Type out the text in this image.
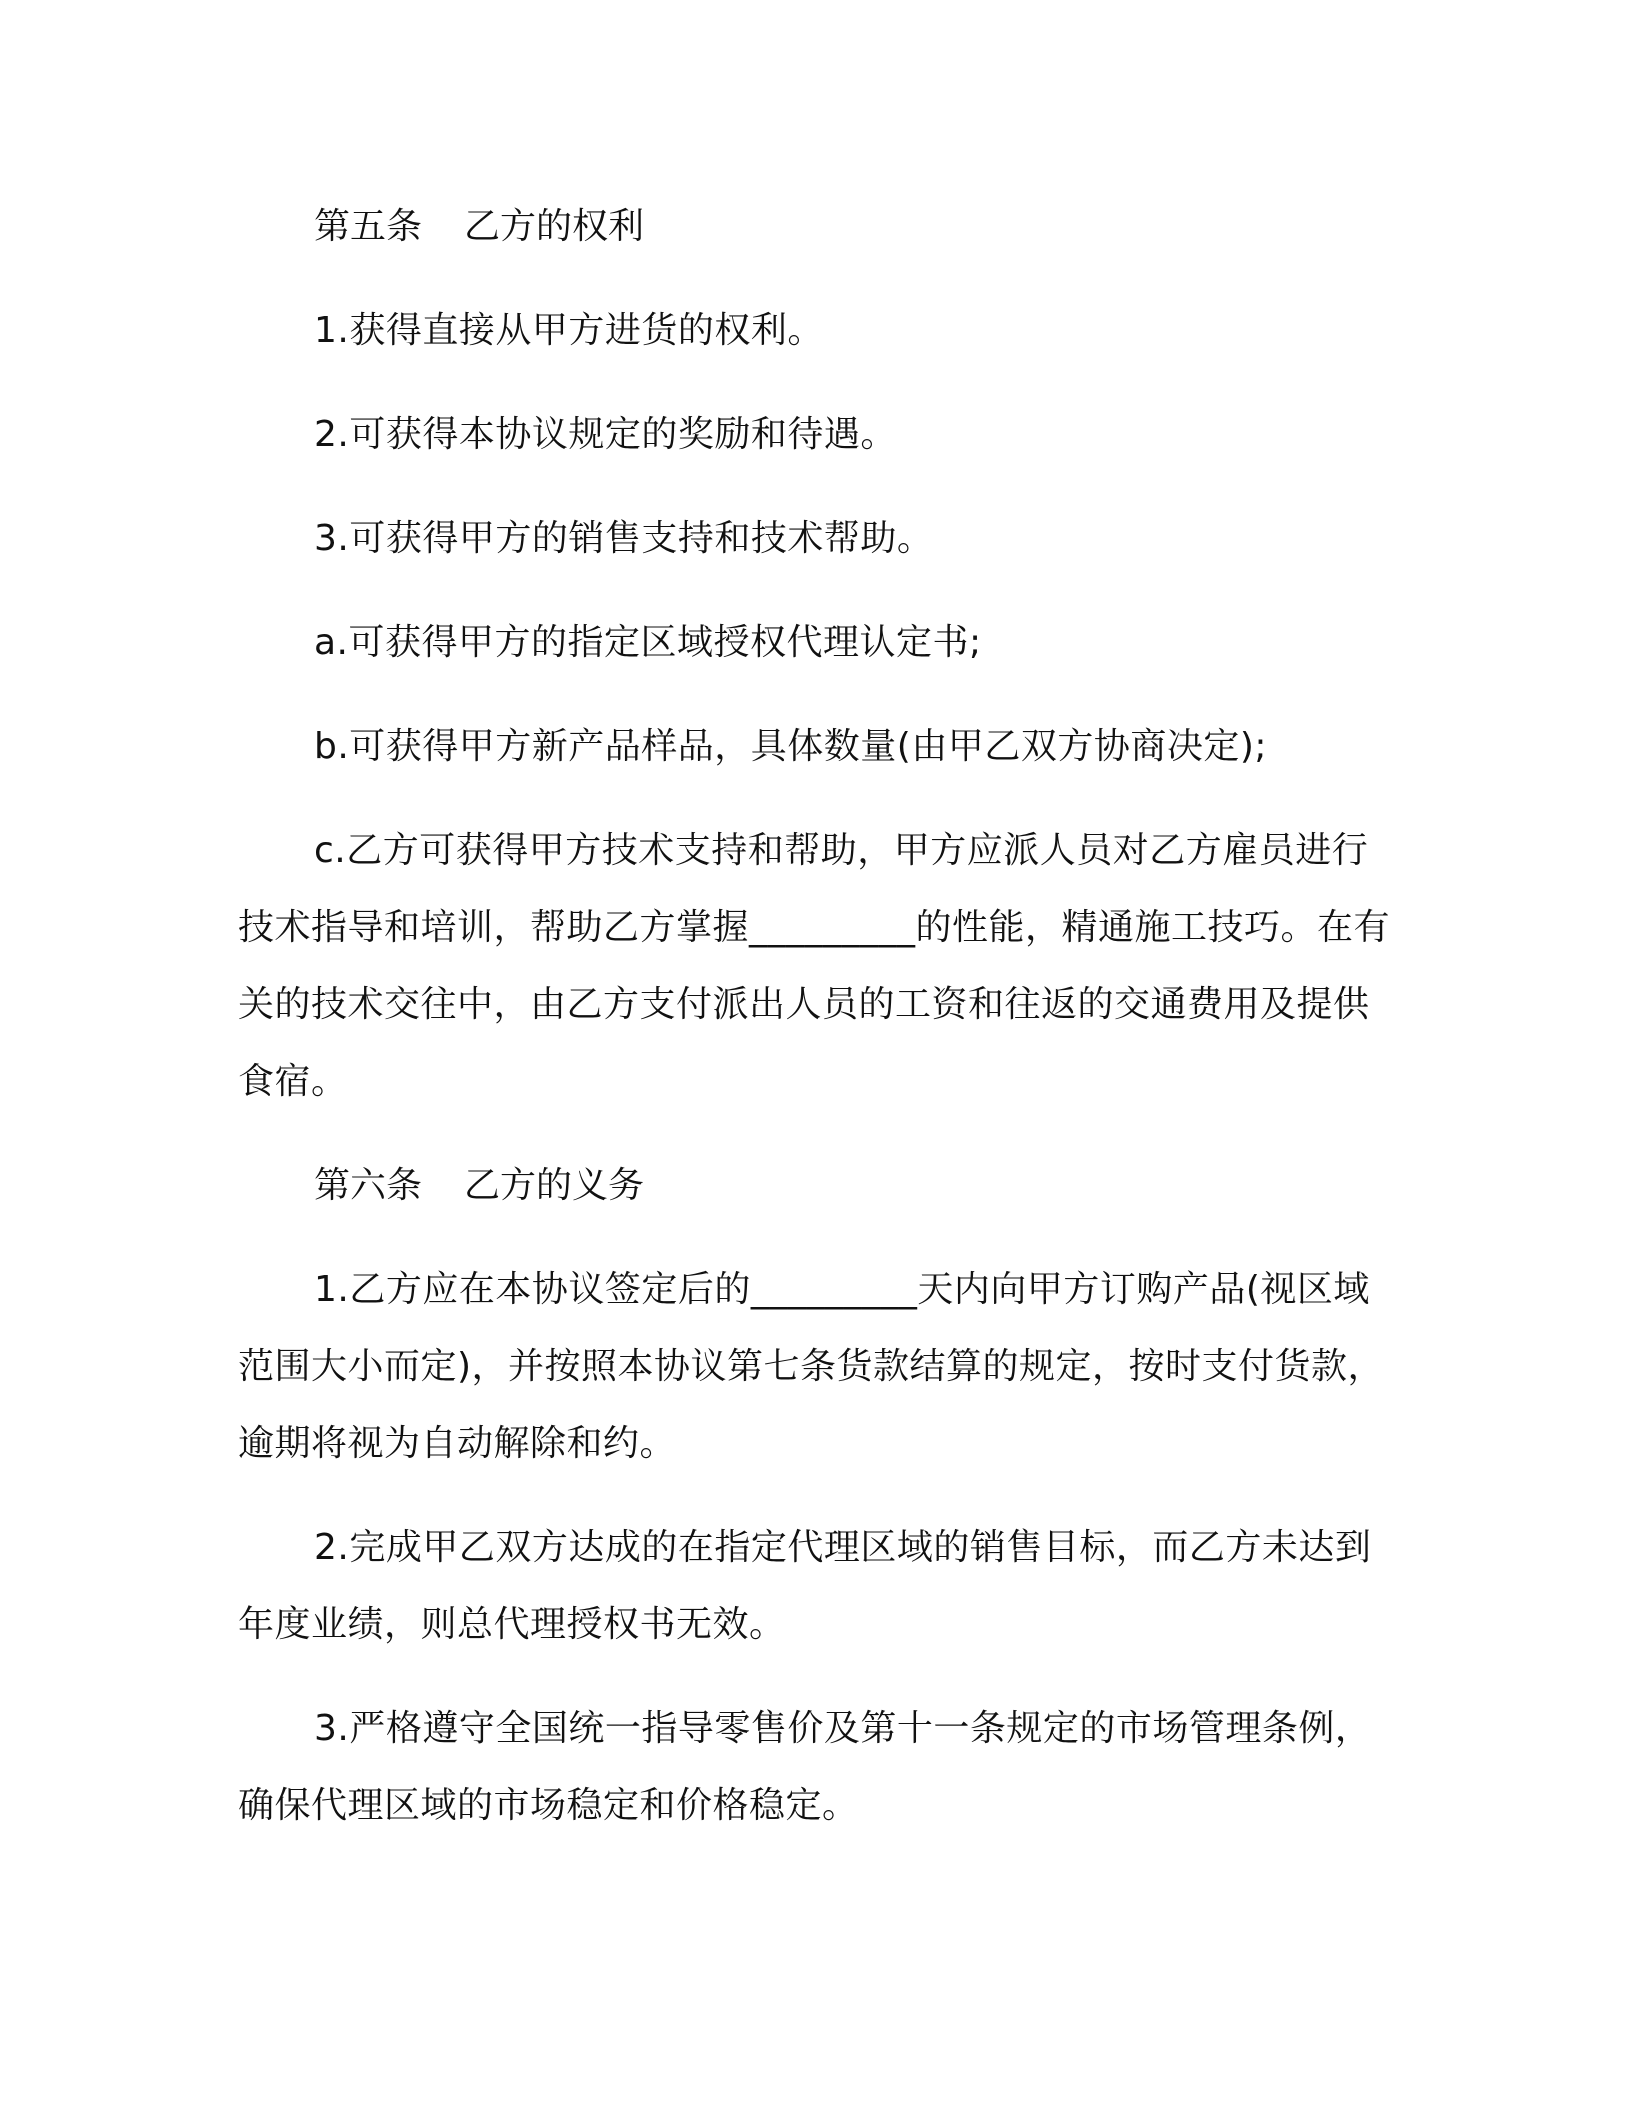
第五条 乙方的权利

1.获得直接从甲方进货的权利。

2.可获得本协议规定的奖励和待遇。

3.可获得甲方的销售支持和技术帮助。

a.可获得甲方的指定区域授权代理认定书;

b.可获得甲方新产品样品，具体数量(由甲乙双方协商决定);

c.乙方可获得甲方技术支持和帮助，甲方应派人员对乙方雇员进行技术指导和培训，帮助乙方掌握_________的性能，精通施工技巧。在有关的技术交往中，由乙方支付派出人员的工资和往返的交通费用及提供食宿。

第六条 乙方的义务

1.乙方应在本协议签定后的_________天内向甲方订购产品(视区域范围大小而定)，并按照本协议第七条货款结算的规定，按时支付货款，逾期将视为自动解除和约。

2.完成甲乙双方达成的在指定代理区域的销售目标，而乙方未达到年度业绩，则总代理授权书无效。

3.严格遵守全国统一指导零售价及第十一条规定的市场管理条例，确保代理区域的市场稳定和价格稳定。
